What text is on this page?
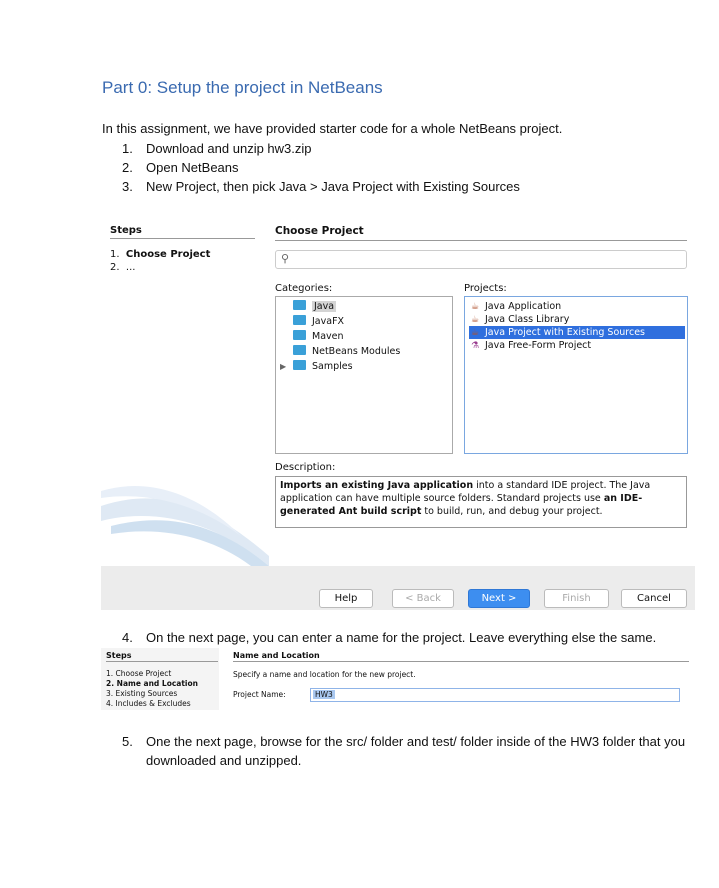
Part 0: Setup the project in NetBeans
In this assignment, we have provided starter code for a whole NetBeans project.
1. Download and unzip hw3.zip
2. Open NetBeans
3. New Project, then pick Java > Java Project with Existing Sources
Steps
1. Choose Project
2. ...
Choose Project
⚲
Categories:	Projects:
Java
JavaFX
Maven
NetBeans Modules
▶	Samples
☕ Java Application
☕ Java Class Library
☕ Java Project with Existing Sources
⚗ Java Free-Form Project
Description:
Imports an existing Java application into a standard IDE project. The Java application can have multiple source folders. Standard projects use an IDE-generated Ant build script to build, run, and debug your project.
Help	< Back	Next >	Finish	Cancel
4. On the next page, you can enter a name for the project. Leave everything else the same.
Steps
1. Choose Project
2. Name and Location
3. Existing Sources
4. Includes & Excludes
Name and Location
Specify a name and location for the new project.
Project Name:	HW3
5.	One the next page, browse for the src/ folder and test/ folder inside of the HW3 folder that you downloaded and unzipped.
